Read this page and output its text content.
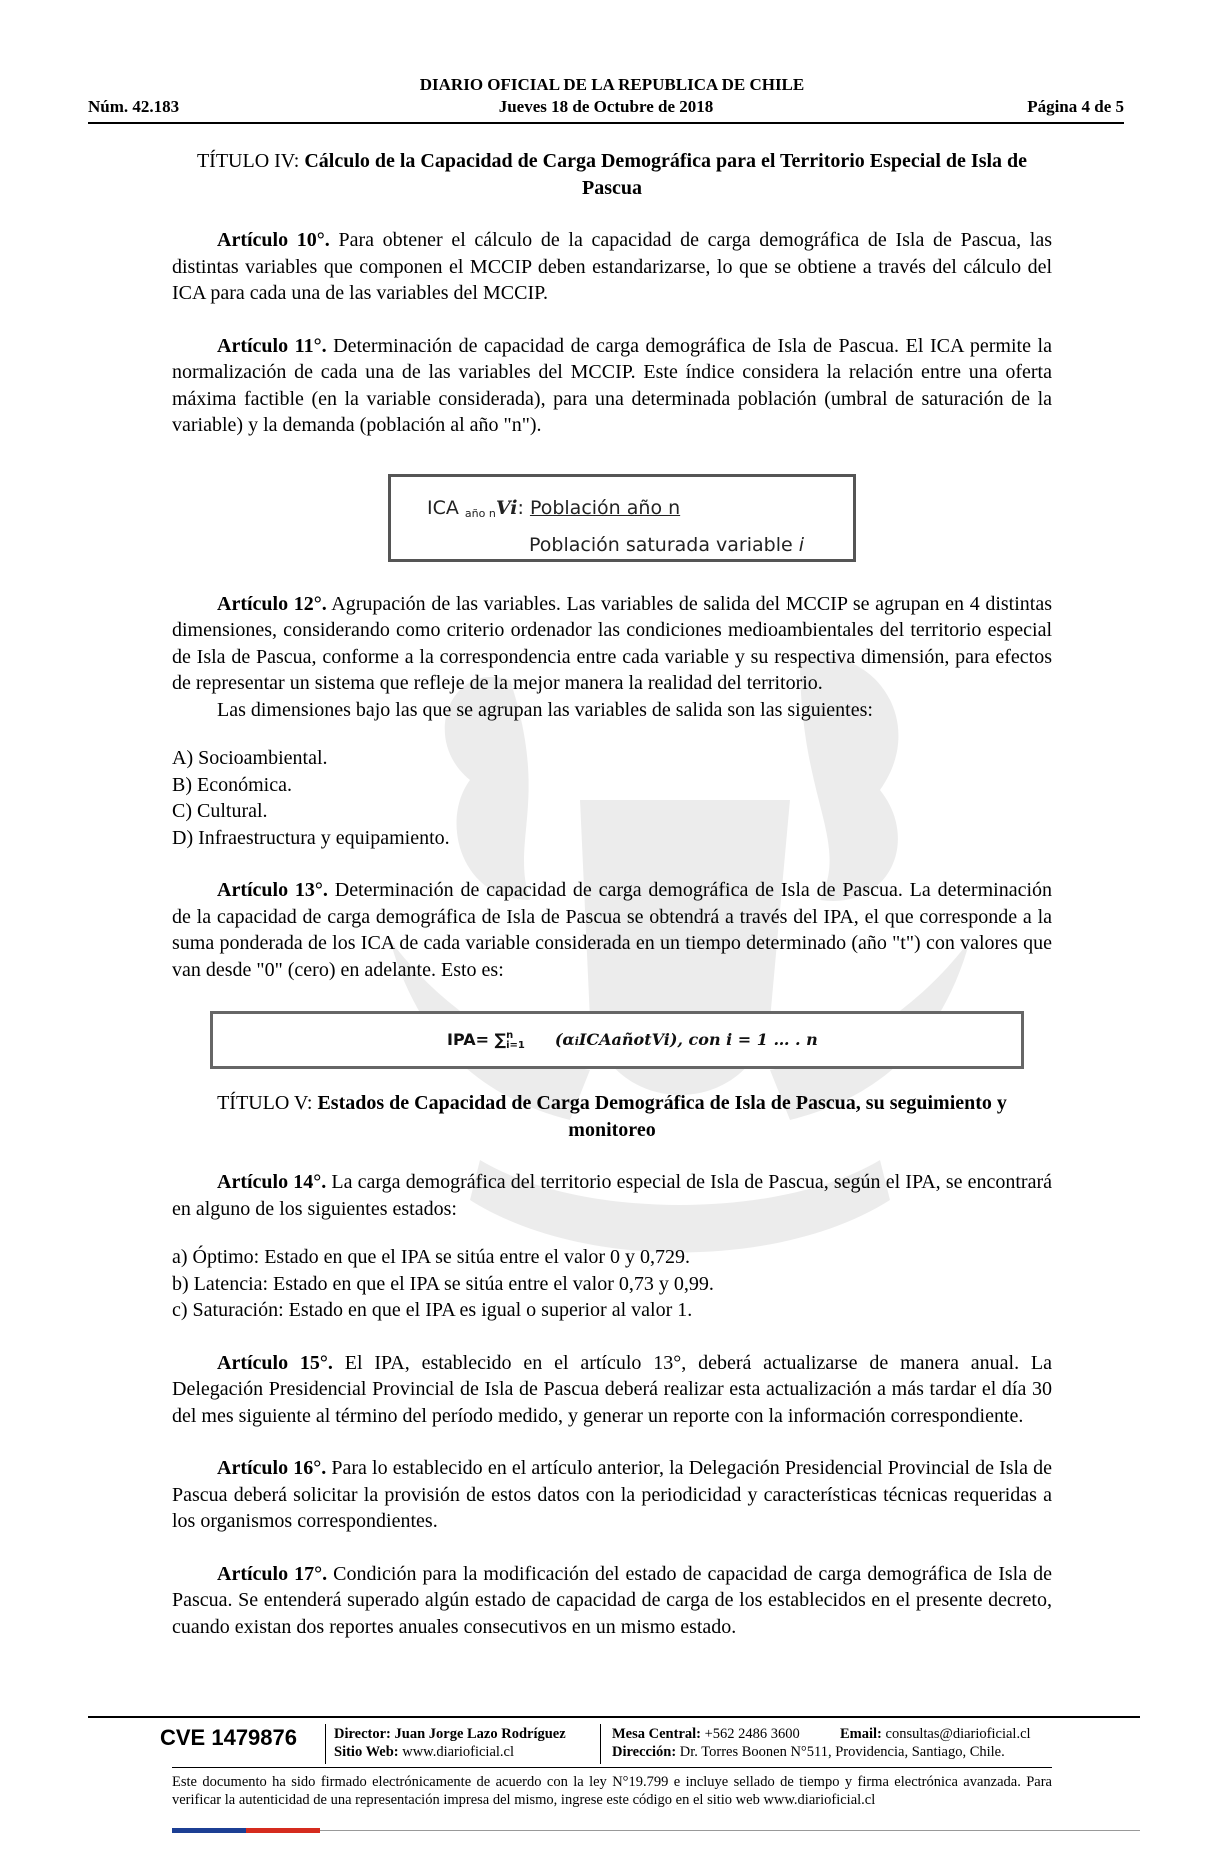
DIARIO OFICIAL DE LA REPUBLICA DE CHILE
Núm. 42.183	Jueves 18 de Octubre de 2018	Página 4 de 5
TÍTULO IV: Cálculo de la Capacidad de Carga Demográfica para el Territorio Especial de Isla de Pascua

Artículo 10°. Para obtener el cálculo de la capacidad de carga demográfica de Isla de Pascua, las distintas variables que componen el MCCIP deben estandarizarse, lo que se obtiene a través del cálculo del ICA para cada una de las variables del MCCIP.

Artículo 11°. Determinación de capacidad de carga demográfica de Isla de Pascua. El ICA permite la normalización de cada una de las variables del MCCIP. Este índice considera la relación entre una oferta máxima factible (en la variable considerada), para una determinada población (umbral de saturación de la variable) y la demanda (población al año "n").

Artículo 12°. Agrupación de las variables. Las variables de salida del MCCIP se agrupan en 4 distintas dimensiones, considerando como criterio ordenador las condiciones medioambientales del territorio especial de Isla de Pascua, conforme a la correspondencia entre cada variable y su respectiva dimensión, para efectos de representar un sistema que refleje de la mejor manera la realidad del territorio.

Las dimensiones bajo las que se agrupan las variables de salida son las siguientes:

A) Socioambiental.
B) Económica.
C) Cultural.
D) Infraestructura y equipamiento.

Artículo 13°. Determinación de capacidad de carga demográfica de Isla de Pascua. La determinación de la capacidad de carga demográfica de Isla de Pascua se obtendrá a través del IPA, el que corresponde a la suma ponderada de los ICA de cada variable considerada en un tiempo determinado (año "t") con valores que van desde "0" (cero) en adelante. Esto es:

TÍTULO V: Estados de Capacidad de Carga Demográfica de Isla de Pascua, su seguimiento y monitoreo

Artículo 14°. La carga demográfica del territorio especial de Isla de Pascua, según el IPA, se encontrará en alguno de los siguientes estados:

a) Óptimo: Estado en que el IPA se sitúa entre el valor 0 y 0,729.
b) Latencia: Estado en que el IPA se sitúa entre el valor 0,73 y 0,99.
c) Saturación: Estado en que el IPA es igual o superior al valor 1.

Artículo 15°. El IPA, establecido en el artículo 13°, deberá actualizarse de manera anual. La Delegación Presidencial Provincial de Isla de Pascua deberá realizar esta actualización a más tardar el día 30 del mes siguiente al término del período medido, y generar un reporte con la información correspondiente.

Artículo 16°. Para lo establecido en el artículo anterior, la Delegación Presidencial Provincial de Isla de Pascua deberá solicitar la provisión de estos datos con la periodicidad y características técnicas requeridas a los organismos correspondientes.

Artículo 17°. Condición para la modificación del estado de capacidad de carga demográfica de Isla de Pascua. Se entenderá superado algún estado de capacidad de carga de los establecidos en el presente decreto, cuando existan dos reportes anuales consecutivos en un mismo estado.

ICA año nVi: Población año n
Población saturada variable i
IPA= ∑ n
i=1 (αiICAañotVi), con i = 1 … . n
CVE 1479876	Director: Juan Jorge Lazo Rodríguez
Sitio Web: www.diarioficial.cl
Mesa Central: +562 2486 3600	Email: consultas@diarioficial.cl
Dirección: Dr. Torres Boonen N°511, Providencia, Santiago, Chile.
Este documento ha sido firmado electrónicamente de acuerdo con la ley N°19.799 e incluye sellado de tiempo y firma electrónica avanzada. Para verificar la autenticidad de una representación impresa del mismo, ingrese este código en el sitio web www.diarioficial.cl
